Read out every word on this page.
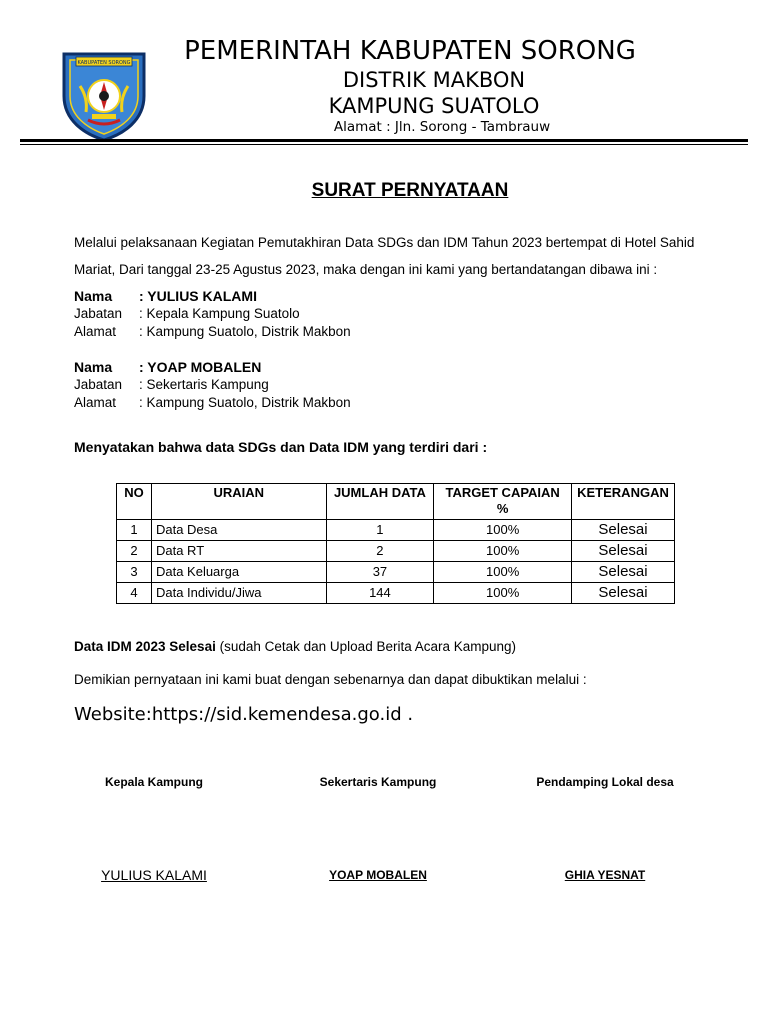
KABUPATEN SORONG	PEMERINTAH KABUPATEN SORONG
DISTRIK MAKBON
KAMPUNG SUATOLO
Alamat : Jln. Sorong - Tambrauw
SURAT PERNYATAAN
Melalui pelaksanaan Kegiatan Pemutakhiran Data SDGs dan IDM Tahun 2023 bertempat di Hotel Sahid
Mariat, Dari tanggal 23-25 Agustus 2023, maka dengan ini kami yang bertandatangan dibawa ini :
Nama : YULIUS KALAMI
Jabatan : Kepala Kampung Suatolo
Alamat : Kampung Suatolo, Distrik Makbon
Nama : YOAP MOBALEN
Jabatan : Sekertaris Kampung
Alamat : Kampung Suatolo, Distrik Makbon
Menyatakan bahwa data SDGs dan Data IDM yang terdiri dari :
NO	URAIAN	JUMLAH DATA	TARGET CAPAIAN %	KETERANGAN
1	Data Desa	1	100%	Selesai
2	Data RT	2	100%	Selesai
3	Data Keluarga	37	100%	Selesai
4	Data Individu/Jiwa	144	100%	Selesai
Data IDM 2023 Selesai (sudah Cetak dan Upload Berita Acara Kampung)
Demikian pernyataan ini kami buat dengan sebenarnya dan dapat dibuktikan melalui :
Website:https://sid.kemendesa.go.id .
Kepala Kampung	Sekertaris Kampung	Pendamping Lokal desa
YULIUS KALAMI	YOAP MOBALEN	GHIA YESNAT
